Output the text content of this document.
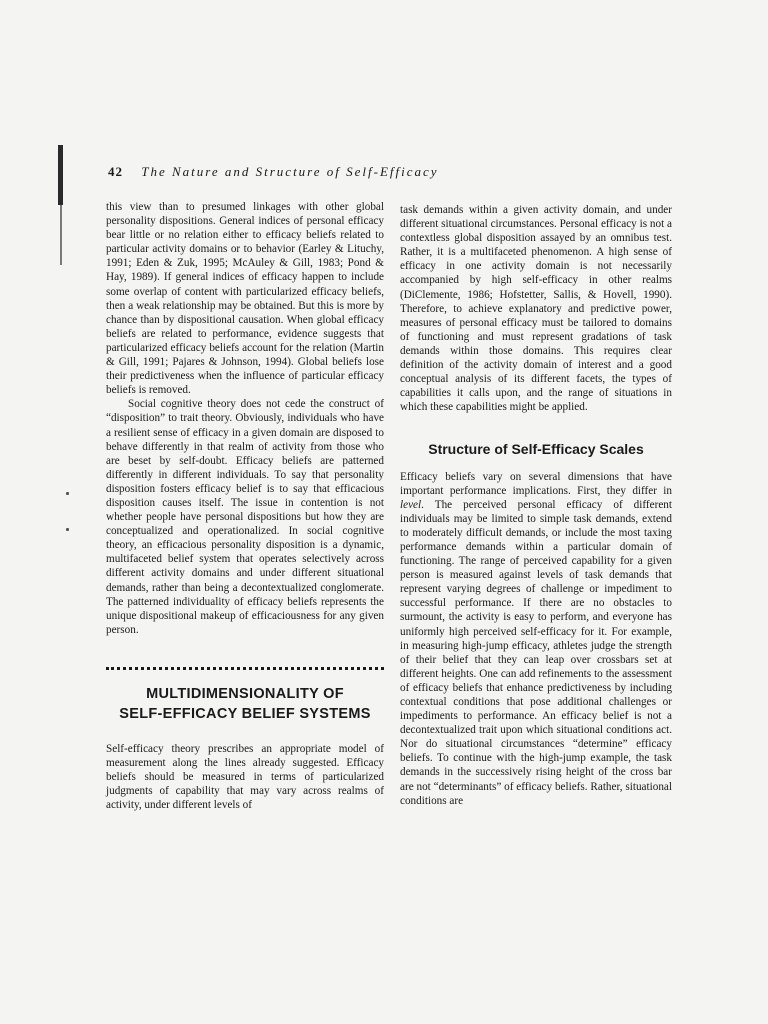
42 The Nature and Structure of Self-Efficacy

this view than to presumed linkages with other global personality dispositions. General indices of personal efficacy bear little or no relation either to efficacy beliefs related to particular activity domains or to behavior (Earley & Lituchy, 1991; Eden & Zuk, 1995; McAuley & Gill, 1983; Pond & Hay, 1989). If general indices of efficacy happen to include some overlap of content with particularized efficacy beliefs, then a weak relationship may be obtained. But this is more by chance than by dispositional causation. When global efficacy beliefs are related to performance, evidence suggests that particularized efficacy beliefs account for the relation (Martin & Gill, 1991; Pajares & Johnson, 1994). Global beliefs lose their predictiveness when the influence of particular efficacy beliefs is removed.

Social cognitive theory does not cede the construct of “disposition” to trait theory. Obviously, individuals who have a resilient sense of efficacy in a given domain are disposed to behave differently in that realm of activity from those who are beset by self-doubt. Efficacy beliefs are patterned differently in different individuals. To say that personality disposition fosters efficacy belief is to say that efficacious disposition causes itself. The issue in contention is not whether people have personal dispositions but how they are conceptualized and operationalized. In social cognitive theory, an efficacious personality disposition is a dynamic, multifaceted belief system that operates selectively across different activity domains and under different situational demands, rather than being a decontextualized conglomerate. The patterned individuality of efficacy beliefs represents the unique dispositional makeup of efficaciousness for any given person.

MULTIDIMENSIONALITY OF
SELF-EFFICACY BELIEF SYSTEMS

Self-efficacy theory prescribes an appropriate model of measurement along the lines already suggested. Efficacy beliefs should be measured in terms of particularized judgments of capability that may vary across realms of activity, under different levels of

task demands within a given activity domain, and under different situational circumstances. Personal efficacy is not a contextless global disposition assayed by an omnibus test. Rather, it is a multifaceted phenomenon. A high sense of efficacy in one activity domain is not necessarily accompanied by high self-efficacy in other realms (DiClemente, 1986; Hofstetter, Sallis, & Hovell, 1990). Therefore, to achieve explanatory and predictive power, measures of personal efficacy must be tailored to domains of functioning and must represent gradations of task demands within those domains. This requires clear definition of the activity domain of interest and a good conceptual analysis of its different facets, the types of capabilities it calls upon, and the range of situations in which these capabilities might be applied.

Structure of Self-Efficacy Scales

Efficacy beliefs vary on several dimensions that have important performance implications. First, they differ in level. The perceived personal efficacy of different individuals may be limited to simple task demands, extend to moderately difficult demands, or include the most taxing performance demands within a particular domain of functioning. The range of perceived capability for a given person is measured against levels of task demands that represent varying degrees of challenge or impediment to successful performance. If there are no obstacles to surmount, the activity is easy to perform, and everyone has uniformly high perceived self-efficacy for it. For example, in measuring high-jump efficacy, athletes judge the strength of their belief that they can leap over crossbars set at different heights. One can add refinements to the assessment of efficacy beliefs that enhance predictiveness by including contextual conditions that pose additional challenges or impediments to performance. An efficacy belief is not a decontextualized trait upon which situational conditions act. Nor do situational circumstances “determine” efficacy beliefs. To continue with the high-jump example, the task demands in the successively rising height of the cross bar are not “determinants” of efficacy beliefs. Rather, situational conditions are
